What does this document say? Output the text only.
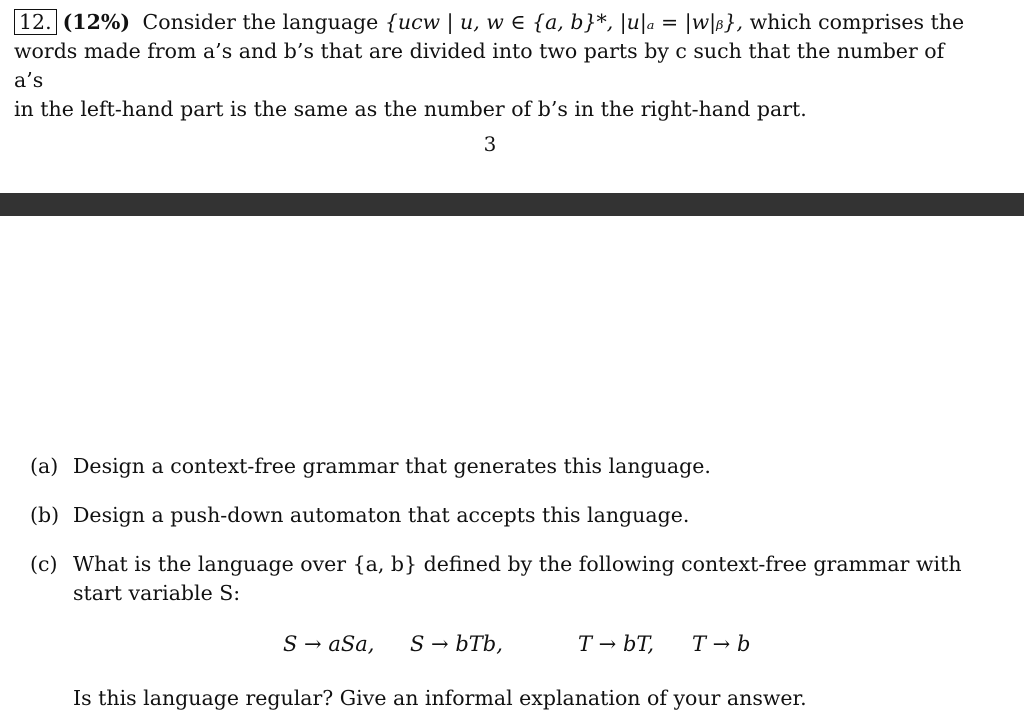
12. (12%) Consider the language {ucw | u, w ∈ {a, b}*, |u|ₐ = |w|ᵦ}, which comprises the
words made from a’s and b’s that are divided into two parts by c such that the number of a’s
in the left-hand part is the same as the number of b’s in the right-hand part.
3
(a) Design a context-free grammar that generates this language.
(b) Design a push-down automaton that accepts this language.
(c) What is the language over {a, b} defined by the following context-free grammar with start variable S:
S → aSa, S → bTb,	T → bT, T → b
Is this language regular? Give an informal explanation of your answer.
